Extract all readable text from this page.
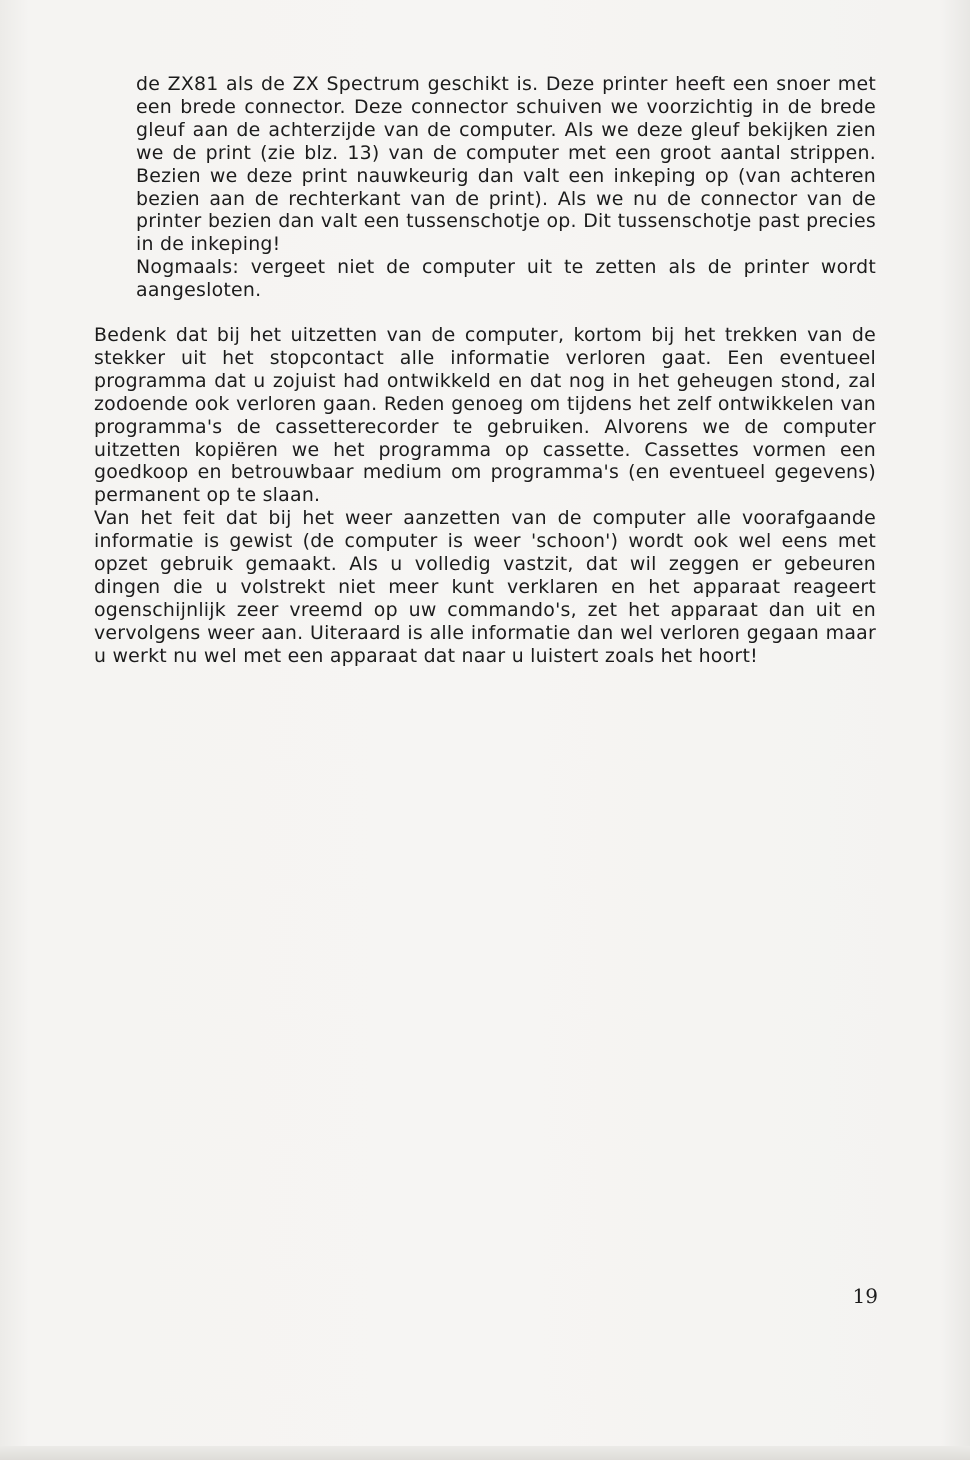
de ZX81 als de ZX Spectrum geschikt is. Deze printer heeft een snoer met een brede connector. Deze connector schuiven we voorzichtig in de brede gleuf aan de achterzijde van de computer. Als we deze gleuf bekijken zien we de print (zie blz. 13) van de computer met een groot aantal strippen. Bezien we deze print nauwkeurig dan valt een inkeping op (van achteren bezien aan de rechterkant van de print). Als we nu de connector van de printer bezien dan valt een tussenschotje op. Dit tussenschotje past precies in de inkeping!

Nogmaals: vergeet niet de computer uit te zetten als de printer wordt aangesloten.

Bedenk dat bij het uitzetten van de computer, kortom bij het trekken van de stekker uit het stopcontact alle informatie verloren gaat. Een eventueel programma dat u zojuist had ontwikkeld en dat nog in het geheugen stond, zal zodoende ook verloren gaan. Reden genoeg om tijdens het zelf ontwikkelen van programma's de cassetterecorder te gebruiken. Alvorens we de computer uitzetten kopiëren we het programma op cassette. Cassettes vormen een goedkoop en betrouwbaar medium om programma's (en eventueel gegevens) permanent op te slaan.

Van het feit dat bij het weer aanzetten van de computer alle voorafgaande informatie is gewist (de computer is weer 'schoon') wordt ook wel eens met opzet gebruik gemaakt. Als u volledig vastzit, dat wil zeggen er gebeuren dingen die u volstrekt niet meer kunt verklaren en het apparaat reageert ogenschijnlijk zeer vreemd op uw commando's, zet het apparaat dan uit en vervolgens weer aan. Uiteraard is alle informatie dan wel verloren gegaan maar u werkt nu wel met een apparaat dat naar u luistert zoals het hoort!

19
